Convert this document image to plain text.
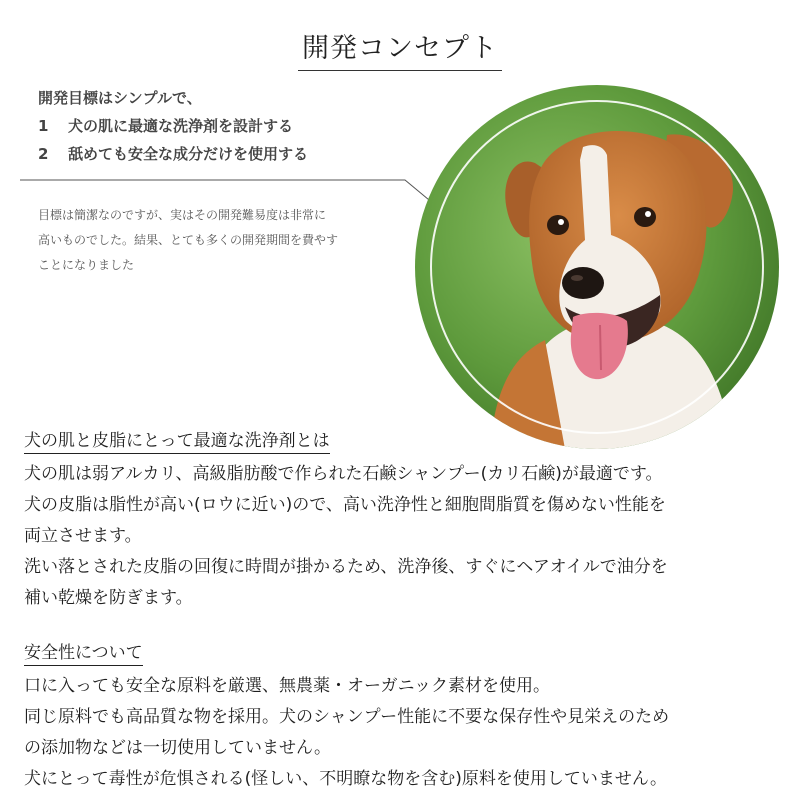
開発コンセプト
開発目標はシンプルで、
1 犬の肌に最適な洗浄剤を設計する
2 舐めても安全な成分だけを使用する
目標は簡潔なのですが、実はその開発難易度は非常に
高いものでした。結果、とても多くの開発期間を費やす
ことになりました
犬の肌と皮脂にとって最適な洗浄剤とは

犬の肌は弱アルカリ、高級脂肪酸で作られた石鹸シャンプー(カリ石鹸)が最適です。

犬の皮脂は脂性が高い(ロウに近い)ので、高い洗浄性と細胞間脂質を傷めない性能を

両立させます。

洗い落とされた皮脂の回復に時間が掛かるため、洗浄後、すぐにヘアオイルで油分を

補い乾燥を防ぎます。

安全性について

口に入っても安全な原料を厳選、無農薬・オーガニック素材を使用。

同じ原料でも高品質な物を採用。犬のシャンプー性能に不要な保存性や見栄えのため

の添加物などは一切使用していません。

犬にとって毒性が危惧される(怪しい、不明瞭な物を含む)原料を使用していません。
